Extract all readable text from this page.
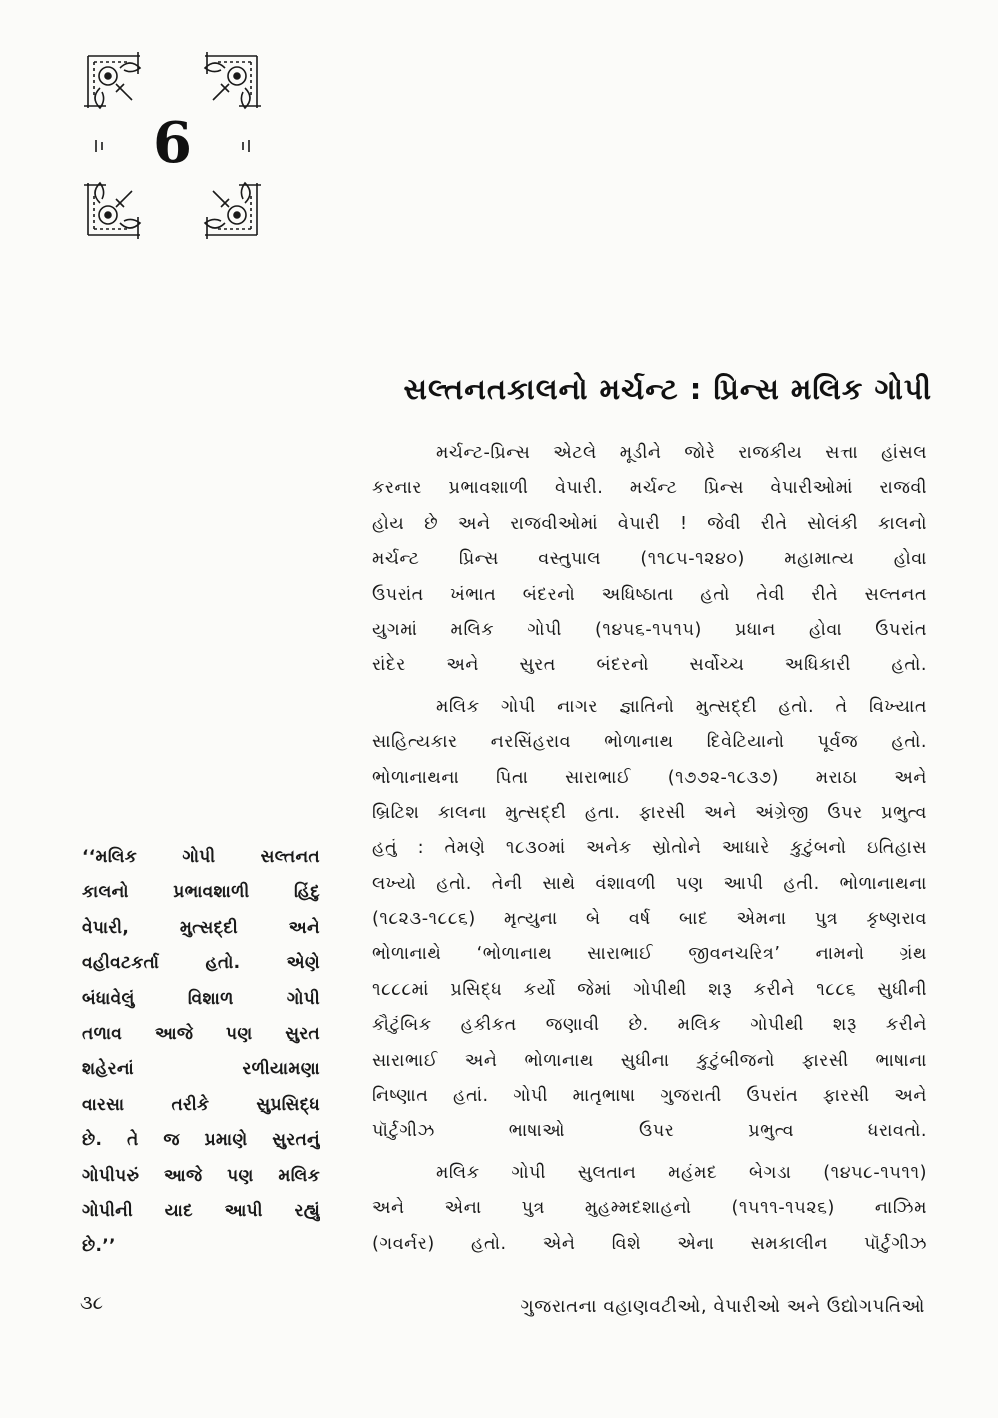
6
સલ્તનતકાલનો મર્ચન્ટ : પ્રિન્સ મલિક ગોપી
મર્ચન્ટ-પ્રિન્સ એટલે મૂડીને જોરે રાજકીય સત્તા હાંસલ
કરનાર પ્રભાવશાળી વેપારી. મર્ચન્ટ પ્રિન્સ વેપારીઓમાં રાજવી
હોય છે અને રાજવીઓમાં વેપારી ! જેવી રીતે સોલંકી કાલનો
મર્ચન્ટ પ્રિન્સ વસ્તુપાલ (૧૧૮૫-૧૨૪૦) મહામાત્ય હોવા
ઉપરાંત ખંભાત બંદરનો અધિષ્ઠાતા હતો તેવી રીતે સલ્તનત
યુગમાં મલિક ગોપી (૧૪૫૬-૧૫૧૫) પ્રધાન હોવા ઉપરાંત
રાંદેર અને સુરત બંદરનો સર્વોચ્ચ અધિકારી હતો.
મલિક ગોપી નાગર જ્ઞાતિનો મુત્સદ્દી હતો. તે વિખ્યાત
સાહિત્યકાર નરસિંહરાવ ભોળાનાથ દિવેટિયાનો પૂર્વજ હતો.
ભોળાનાથના પિતા સારાભાઈ (૧૭૭૨-૧૮૩૭) મરાઠા અને
બ્રિટિશ કાલના મુત્સદ્દી હતા. ફારસી અને અંગ્રેજી ઉપર પ્રભુત્વ
હતું : તેમણે ૧૮૩૦માં અનેક સ્રોતોને આધારે કુટુંબનો ઇતિહાસ
લખ્યો હતો. તેની સાથે વંશાવળી પણ આપી હતી. ભોળાનાથના
(૧૮૨૩-૧૮૮૬) મૃત્યુના બે વર્ષ બાદ એમના પુત્ર કૃષ્ણરાવ
ભોળાનાથે ‘ભોળાનાથ સારાભાઈ જીવનચરિત્ર’ નામનો ગ્રંથ
૧૮૮૮માં પ્રસિદ્ધ કર્યો જેમાં ગોપીથી શરૂ કરીને ૧૮૮૬ સુધીની
કૌટુંબિક હકીકત જણાવી છે. મલિક ગોપીથી શરૂ કરીને
સારાભાઈ અને ભોળાનાથ સુધીના કુટુંબીજનો ફારસી ભાષાના
નિષ્ણાત હતાં. ગોપી માતૃભાષા ગુજરાતી ઉપરાંત ફારસી અને
પૉર્ટુગીઝ ભાષાઓ ઉપર પ્રભુત્વ ધરાવતો.
મલિક ગોપી સુલતાન મહંમદ બેગડા (૧૪૫૮-૧૫૧૧)
અને એના પુત્ર મુહમ્મદશાહનો (૧૫૧૧-૧૫૨૬) નાઝિમ
(ગવર્નર) હતો. એને વિશે એના સમકાલીન પૉર્ટુગીઝ
‘‘મલિક ગોપી સલ્તનત
કાલનો પ્રભાવશાળી હિંદુ
વેપારી, મુત્સદ્દી અને
વહીવટકર્તા હતો. એણે
બંધાવેલું વિશાળ ગોપી
તળાવ આજે પણ સુરત
શહેરનાં રળીયામણા
વારસા તરીકે સુપ્રસિદ્ધ
છે. તે જ પ્રમાણે સુરતનું
ગોપીપરું આજે પણ મલિક
ગોપીની યાદ આપી રહ્યું
છે.’’
૩૮	ગુજરાતના વહાણવટીઓ, વેપારીઓ અને ઉદ્યોગપતિઓ
